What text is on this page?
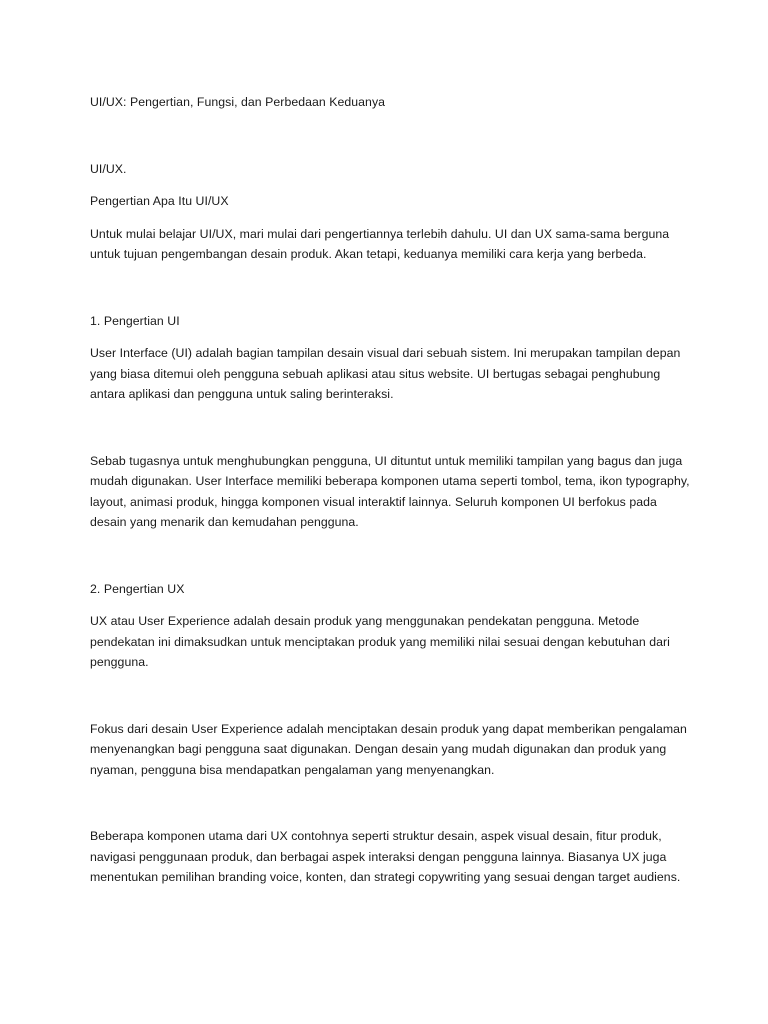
UI/UX: Pengertian, Fungsi, dan Perbedaan Keduanya

UI/UX.

Pengertian Apa Itu UI/UX

Untuk mulai belajar UI/UX, mari mulai dari pengertiannya terlebih dahulu. UI dan UX sama-sama berguna untuk tujuan pengembangan desain produk. Akan tetapi, keduanya memiliki cara kerja yang berbeda.

1. Pengertian UI

User Interface (UI) adalah bagian tampilan desain visual dari sebuah sistem. Ini merupakan tampilan depan yang biasa ditemui oleh pengguna sebuah aplikasi atau situs website. UI bertugas sebagai penghubung antara aplikasi dan pengguna untuk saling berinteraksi.

Sebab tugasnya untuk menghubungkan pengguna, UI dituntut untuk memiliki tampilan yang bagus dan juga mudah digunakan. User Interface memiliki beberapa komponen utama seperti tombol, tema, ikon typography, layout, animasi produk, hingga komponen visual interaktif lainnya. Seluruh komponen UI berfokus pada desain yang menarik dan kemudahan pengguna.

2. Pengertian UX

UX atau User Experience adalah desain produk yang menggunakan pendekatan pengguna. Metode pendekatan ini dimaksudkan untuk menciptakan produk yang memiliki nilai sesuai dengan kebutuhan dari pengguna.

Fokus dari desain User Experience adalah menciptakan desain produk yang dapat memberikan pengalaman menyenangkan bagi pengguna saat digunakan. Dengan desain yang mudah digunakan dan produk yang nyaman, pengguna bisa mendapatkan pengalaman yang menyenangkan.

Beberapa komponen utama dari UX contohnya seperti struktur desain, aspek visual desain, fitur produk, navigasi penggunaan produk, dan berbagai aspek interaksi dengan pengguna lainnya. Biasanya UX juga menentukan pemilihan branding voice, konten, dan strategi copywriting yang sesuai dengan target audiens.
